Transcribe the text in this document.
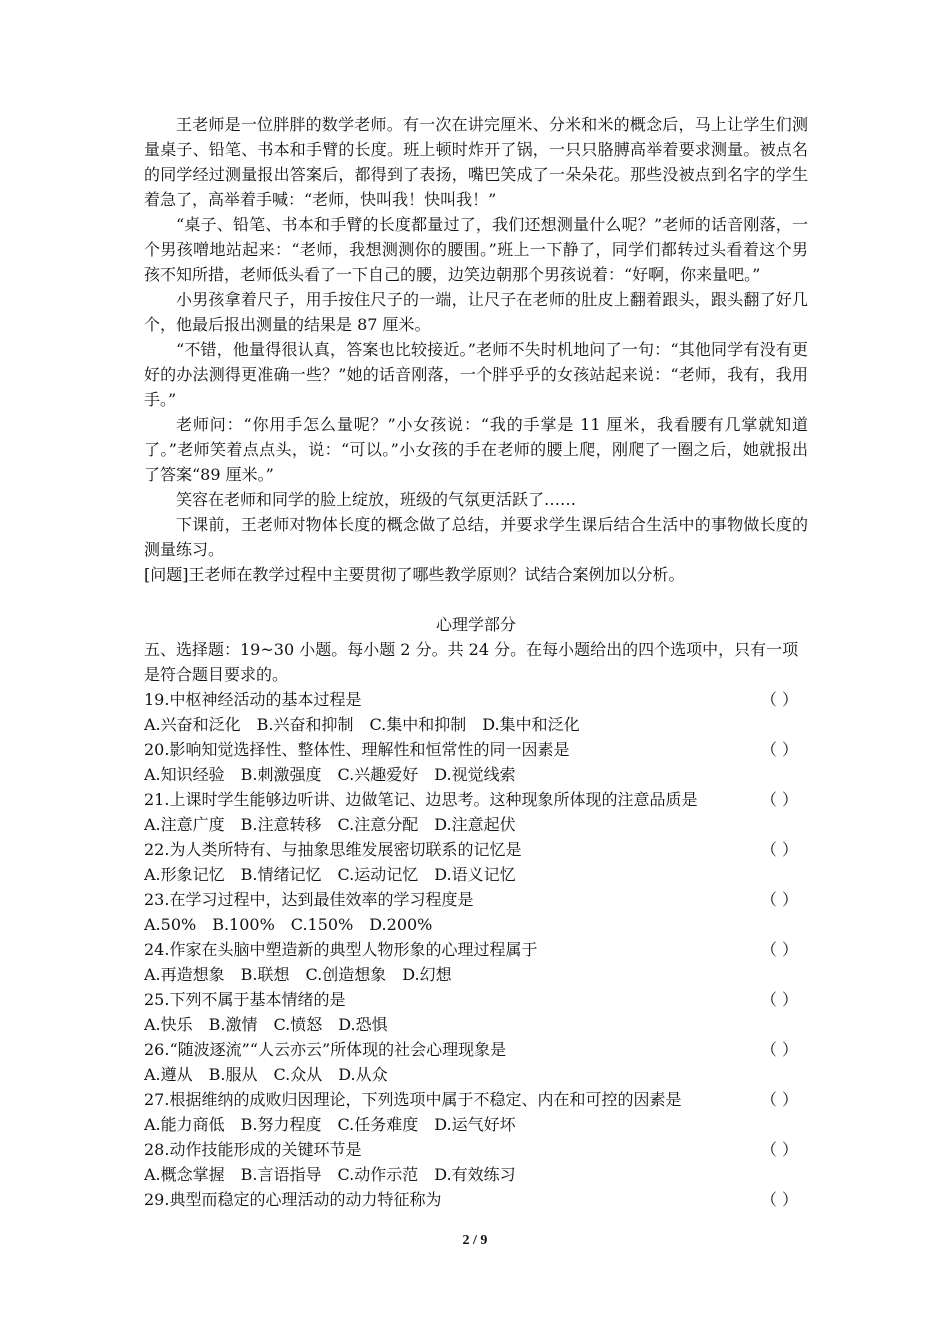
王老师是一位胖胖的数学老师。有一次在讲完厘米、分米和米的概念后，马上让学生们测量桌子、铅笔、书本和手臂的长度。班上顿时炸开了锅，一只只胳膊高举着要求测量。被点名的同学经过测量报出答案后，都得到了表扬，嘴巴笑成了一朵朵花。那些没被点到名字的学生着急了，高举着手喊：“老师，快叫我！快叫我！”

“桌子、铅笔、书本和手臂的长度都量过了，我们还想测量什么呢？”老师的话音刚落，一个男孩噌地站起来：“老师，我想测测你的腰围。”班上一下静了，同学们都转过头看着这个男孩不知所措，老师低头看了一下自己的腰，边笑边朝那个男孩说着：“好啊，你来量吧。”

小男孩拿着尺子，用手按住尺子的一端，让尺子在老师的肚皮上翻着跟头，跟头翻了好几个，他最后报出测量的结果是 87 厘米。

“不错，他量得很认真，答案也比较接近。”老师不失时机地问了一句：“其他同学有没有更好的办法测得更准确一些？”她的话音刚落，一个胖乎乎的女孩站起来说：“老师，我有，我用手。”

老师问：“你用手怎么量呢？”小女孩说：“我的手掌是 11 厘米，我看腰有几掌就知道了。”老师笑着点点头，说：“可以。”小女孩的手在老师的腰上爬，刚爬了一圈之后，她就报出了答案“89 厘米。”

笑容在老师和同学的脸上绽放，班级的气氛更活跃了……

下课前，王老师对物体长度的概念做了总结，并要求学生课后结合生活中的事物做长度的测量练习。

[问题]王老师在教学过程中主要贯彻了哪些教学原则？试结合案例加以分析。

心理学部分

五、选择题：19~30 小题。每小题 2 分。共 24 分。在每小题给出的四个选项中，只有一项是符合题目要求的。

19.中枢神经活动的基本过程是	（ ）

A.兴奋和泛化　B.兴奋和抑制　C.集中和抑制　D.集中和泛化

20.影响知觉选择性、整体性、理解性和恒常性的同一因素是	（ ）

A.知识经验　B.刺激强度　C.兴趣爱好　D.视觉线索

21.上课时学生能够边听讲、边做笔记、边思考。这种现象所体现的注意品质是	（ ）

A.注意广度　B.注意转移　C.注意分配　D.注意起伏

22.为人类所特有、与抽象思维发展密切联系的记忆是	（ ）

A.形象记忆　B.情绪记忆　C.运动记忆　D.语义记忆

23.在学习过程中，达到最佳效率的学习程度是	（ ）

A.50%　B.100%　C.150%　D.200%

24.作家在头脑中塑造新的典型人物形象的心理过程属于	（ ）

A.再造想象　B.联想　C.创造想象　D.幻想

25.下列不属于基本情绪的是	（ ）

A.快乐　B.激情　C.愤怒　D.恐惧

26.“随波逐流”“人云亦云”所体现的社会心理现象是	（ ）

A.遵从　B.服从　C.众从　D.从众

27.根据维纳的成败归因理论，下列选项中属于不稳定、内在和可控的因素是	（ ）

A.能力商低　B.努力程度　C.任务难度　D.运气好坏

28.动作技能形成的关键环节是	（ ）

A.概念掌握　B.言语指导　C.动作示范　D.有效练习

29.典型而稳定的心理活动的动力特征称为	（ ）

2 / 9
